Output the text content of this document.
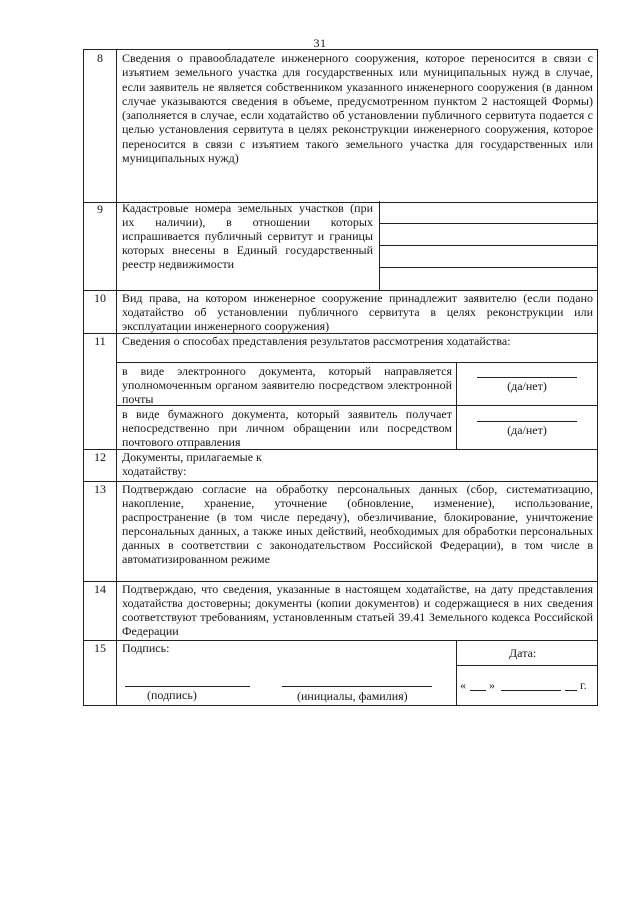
31
8	Сведения о правообладателе инженерного сооружения, которое переносится в связи с изъятием земельного участка для государственных или муниципальных нужд в случае, если заявитель не является собственником указанного инженерного сооружения (в данном случае указываются сведения в объеме, предусмотренном пунктом 2 настоящей Формы) (заполняется в случае, если ходатайство об установлении публичного сервитута подается с целью установления сервитута в целях реконструкции инженерного сооружения, которое переносится в связи с изъятием такого земельного участка для государственных или муниципальных нужд)

9	Кадастровые номера земельных участков (при их наличии), в отношении которых испрашивается публичный сервитут и границы которых внесены в Единый государственный реестр недвижимости

10	Вид права, на котором инженерное сооружение принадлежит заявителю (если подано ходатайство об установлении публичного сервитута в целях реконструкции или эксплуатации инженерного сооружения)

11	Сведения о способах представления результатов рассмотрения ходатайства:

в виде электронного документа, который направляется уполномоченным органом заявителю посредством электронной почты

(да/нет)

в виде бумажного документа, который заявитель получает непосредственно при личном обращении или посредством почтового отправления

(да/нет)
12	Документы, прилагаемые к ходатайству:

13	Подтверждаю согласие на обработку персональных данных (сбор, систематизацию, накопление, хранение, уточнение (обновление, изменение), использование, распространение (в том числе передачу), обезличивание, блокирование, уничтожение персональных данных, а также иных действий, необходимых для обработки персональных данных в соответствии с законодательством Российской Федерации), в том числе в автоматизированном режиме

14	Подтверждаю, что сведения, указанные в настоящем ходатайстве, на дату представления ходатайства достоверны; документы (копии документов) и содержащиеся в них сведения соответствуют требованиям, установленным статьей 39.41 Земельного кодекса Российской Федерации

15	Подпись:
(подпись)	(инициалы, фамилия)
Дата:
« »	г.
